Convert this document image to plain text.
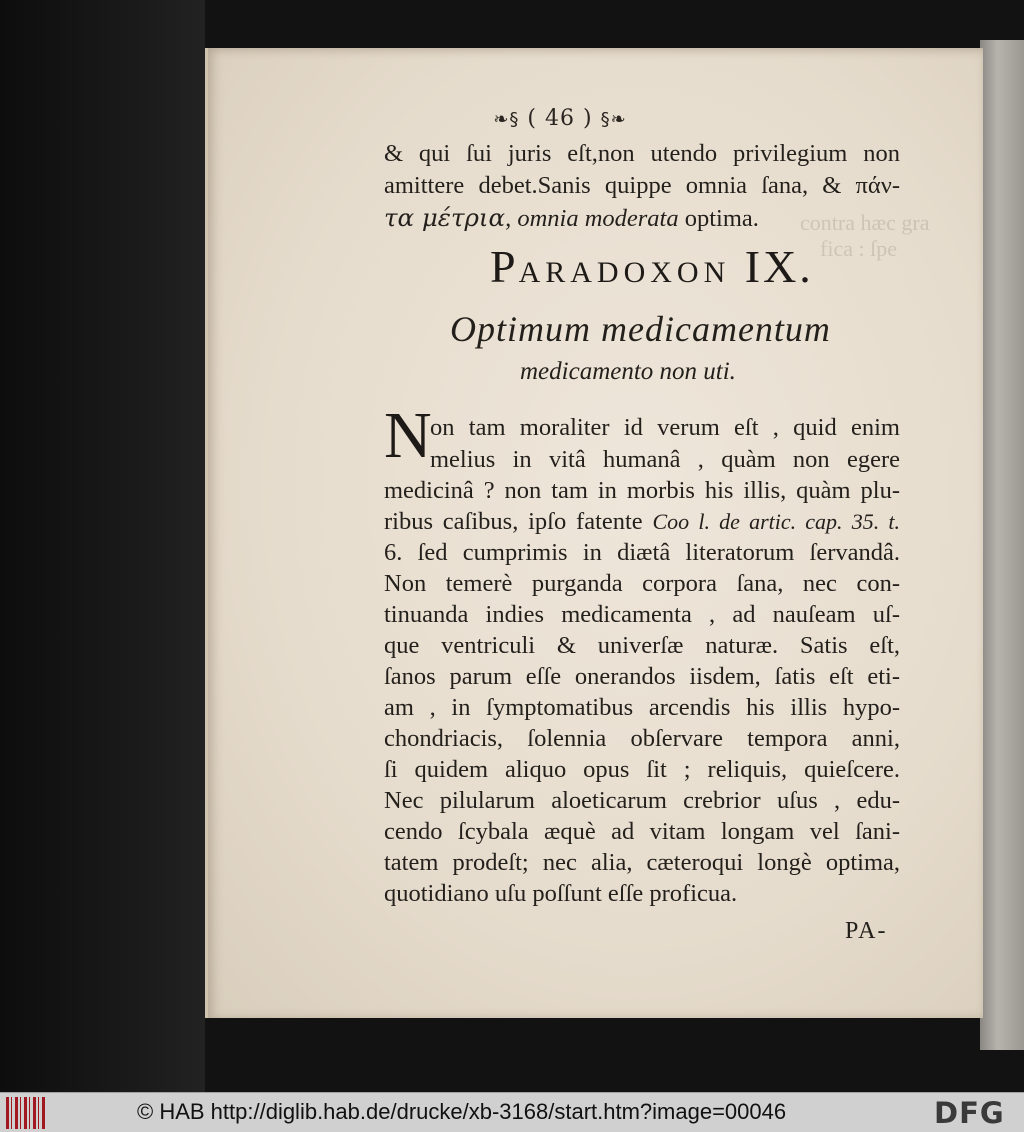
contra hæc gra
fica : ſpe
❧§ ( 46 ) §❧
& qui ſui juris eſt,non utendo privilegium non
amittere debet.Sanis quippe omnia ſana, & πάν-
τα μέτρια, omnia moderata optima.
PARADOXON IX.
Optimum medicamentum
medicamento non uti.
N
on tam moraliter id verum eſt , quid enim
melius in vitâ humanâ , quàm non egere
medicinâ ? non tam in morbis his illis, quàm plu-
ribus caſibus, ipſo fatente Coo l. de artic. cap. 35. t.
6. ſed cumprimis in diætâ literatorum ſervandâ.
Non temerè purganda corpora ſana, nec con-
tinuanda indies medicamenta , ad nauſeam uſ-
que ventriculi & univerſæ naturæ. Satis eſt,
ſanos parum eſſe onerandos iisdem, ſatis eſt eti-
am , in ſymptomatibus arcendis his illis hypo-
chondriacis, ſolennia obſervare tempora anni,
ſi quidem aliquo opus ſit ; reliquis, quieſcere.
Nec pilularum aloeticarum crebrior uſus , edu-
cendo ſcybala æquè ad vitam longam vel ſani-
tatem prodeſt; nec alia, cæteroqui longè optima,
quotidiano uſu poſſunt eſſe proficua.
PA-
© HAB http://diglib.hab.de/drucke/xb-3168/start.htm?image=00046	DFG
